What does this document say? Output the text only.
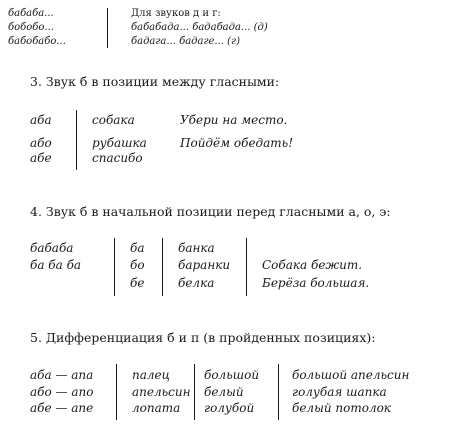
бабаба...
бобобо...
бабобабо...
Для звуков д и г:
бабабада... бадабада... (д)
бадага... бадаге... (г)
3. Звук б в позиции между гласными:
аба
або
абе
собака
рубашка
спасибо
Убери на место.
Пойдём обедать!
4. Звук б в начальной позиции перед гласными а, о, э:
бабаба
ба ба ба
ба
бо
бе
банка
баранки
белка
Собака бежит.
Берёза большая.
5. Дифференциация б и п (в пройденных позициях):
аба — апа
або — апо
абе — апе
палец
апельсин
лопата
большой
белый
голубой
большой апельсин
голубая шапка
белый потолок
